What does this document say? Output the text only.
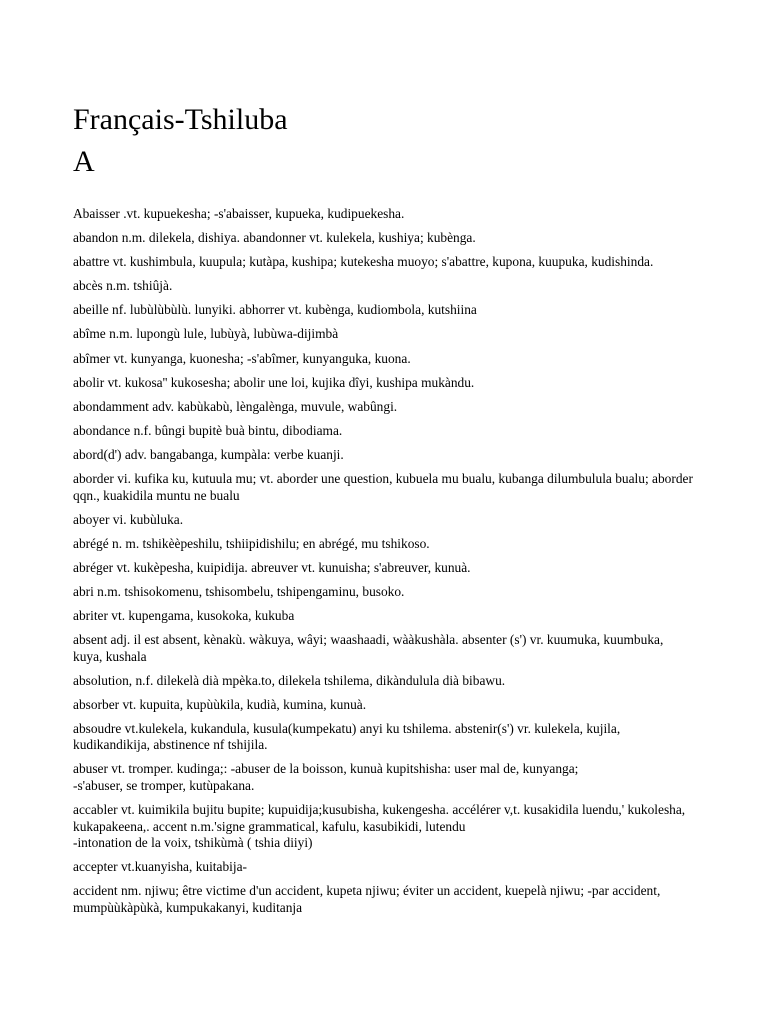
Français-Tshiluba
A

Abaisser .vt. kupuekesha; -s'abaisser, kupueka, kudipuekesha.

abandon n.m. dilekela, dishiya. abandonner vt. kulekela, kushiya; kubènga.

abattre vt. kushimbula, kuupula; kutàpa, kushipa; kutekesha muoyo; s'abattre, kupona, kuupuka, kudishinda.

abcès n.m. tshiûjà.

abeille nf. lubùlùbùlù. lunyiki. abhorrer vt. kubènga, kudiombola, kutshiina

abîme n.m. lupongù lule, lubùyà, lubùwa-dijimbà

abîmer vt. kunyanga, kuonesha; -s'abîmer, kunyanguka, kuona.

abolir vt. kukosa'' kukosesha; abolir une loi, kujika dîyi, kushipa mukàndu.

abondamment adv. kabùkabù, lèngalènga, muvule, wabûngi.

abondance n.f. bûngi bupitè buà bintu, dibodiama.

abord(d') adv. bangabanga, kumpàla: verbe kuanji.

aborder vi. kufika ku, kutuula mu; vt. aborder une question, kubuela mu bualu, kubanga dilumbulula bualu; aborder qqn., kuakidila muntu ne bualu

aboyer vi. kubùluka.

abrégé n. m. tshikèèpeshilu, tshiipidishilu; en abrégé, mu tshikoso.

abréger vt. kukèpesha, kuipidija. abreuver vt. kunuisha; s'abreuver, kunuà.

abri n.m. tshisokomenu, tshisombelu, tshipengaminu, busoko.

abriter vt. kupengama, kusokoka, kukuba

absent adj. il est absent, kènakù. wàkuya, wâyi; waashaadi, wààkushàla. absenter (s') vr. kuumuka, kuumbuka, kuya, kushala

absolution, n.f. dilekelà dià mpèka.to, dilekela tshilema, dikàndulula dià bibawu.

absorber vt. kupuita, kupùùkila, kudià, kumina, kunuà.

absoudre vt.kulekela, kukandula, kusula(kumpekatu) anyi ku tshilema. abstenir(s') vr. kulekela, kujila, kudikandikija, abstinence nf tshijila.

abuser vt. tromper. kudinga;: -abuser de la boisson, kunuà kupitshisha: user mal de, kunyanga;
-s'abuser, se tromper, kutùpakana.

accabler vt. kuimikila bujitu bupite; kupuidija;kusubisha, kukengesha. accélérer v,t. kusakidila luendu,' kukolesha, kukapakeena,. accent n.m.'signe grammatical, kafulu, kasubikidi, lutendu
-intonation de la voix, tshikùmà ( tshia diiyi)

accepter vt.kuanyisha, kuitabija-

accident nm. njiwu; être victime d'un accident, kupeta njiwu; éviter un accident, kuepelà njiwu; -par accident, mumpùùkàpùkà, kumpukakanyi, kuditanja
